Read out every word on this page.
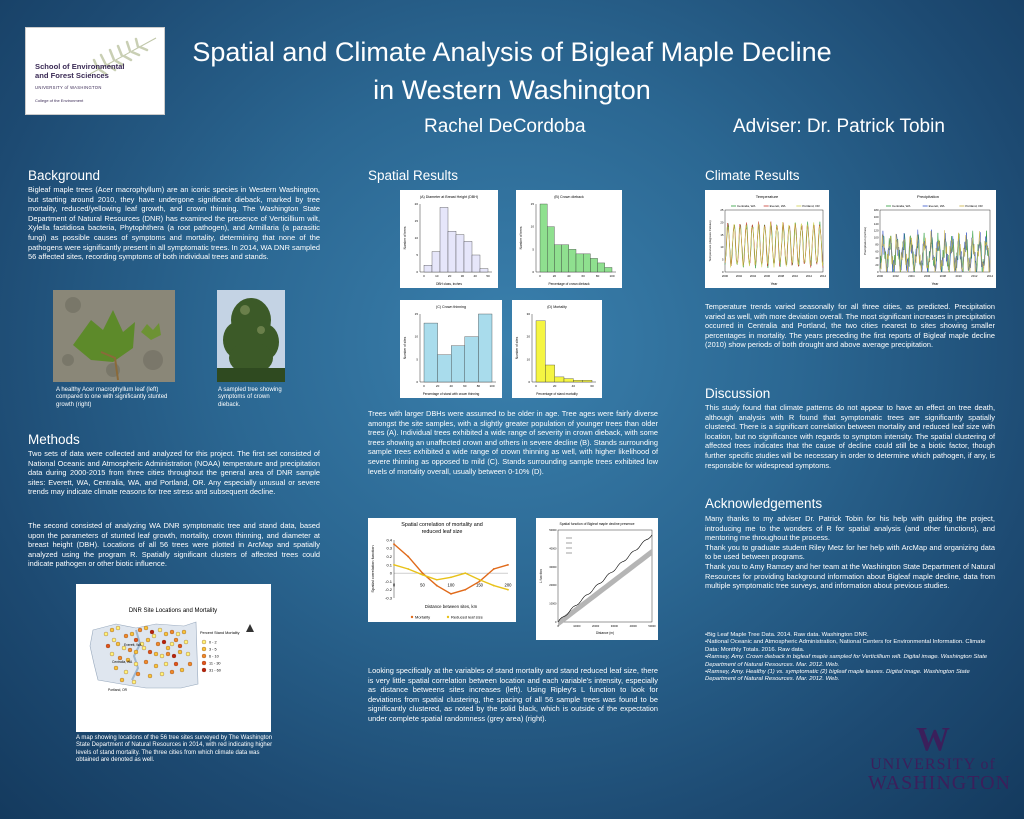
School of Environmental
and Forest Sciences
UNIVERSITY of WASHINGTON
College of the Environment
Spatial and Climate Analysis of Bigleaf Maple Decline in Western Washington
Rachel DeCordoba	Adviser: Dr. Patrick Tobin
Background
Bigleaf maple trees (Acer macrophyllum) are an iconic species in Western Washington, but starting around 2010, they have undergone significant dieback, marked by tree mortality, reduced/yellowing leaf growth, and crown thinning. The Washington State Department of Natural Resources (DNR) has examined the presence of Verticillium wilt, Xylella fastidiosa bacteria, Phytophthera (a root pathogen), and Armillaria (a parasitic fungi) as possible causes of symptoms and mortality, determining that none of the pathogens were significantly present in all symptomatic trees. In 2014, WA DNR sampled 56 affected sites, recording symptoms of both individual trees and stands.
A healthy Acer macrophyllum leaf (left) compared to one with significantly stunted growth (right)
A sampled tree showing symptoms of crown dieback.
Methods
Two sets of data were collected and analyzed for this project. The first set consisted of National Oceanic and Atmospheric Administration (NOAA) temperature and precipitation data during 2000-2015 from three cities throughout the general area of DNR sample sites: Everett, WA, Centralia, WA, and Portland, OR. Any especially unusual or severe trends may indicate climate reasons for tree stress and subsequent decline.
The second consisted of analyzing WA DNR symptomatic tree and stand data, based upon the parameters of stunted leaf growth, mortality, crown thinning, and diameter at breast height (DBH). Locations of all 56 trees were plotted in ArcMap and spatially analyzed using the program R. Spatially significant clusters of affected trees could indicate pathogen or other biotic influence.
DNR Site Locations and Mortality
Everett, WA
Centralia, WA
Portland, OR
Percent Stand Mortality
0 - 2
3 - 5
6 - 10
11 - 30
31 - 60
A map showing locations of the 56 tree sites surveyed by The Washington State Department of Natural Resources in 2014, with red indicating higher levels of stand mortality. The three cities from which climate data was obtained are denoted as well.
Spatial Results
(A) Diameter at Breast Height (DBH)
DBH class, inches
Number of trees
0	10	20	30	40	50
0
5
10
15
20
(B) Crown dieback
Percentage of crown dieback
Number of trees
0	20	40	60	80	100
0
5
10
15
(C) Crown thinning
Percentage of stand with crown thinning
Number of sites
0	20	40	60	80	100
0
5
10
15
(D) Mortality
Percentage of stand mortality
Number of sites
0	20	40	60
0
10
20
30
Trees with larger DBHs were assumed to be older in age. Tree ages were fairly diverse amongst the site samples, with a slightly greater population of younger trees than older trees (A). Individual trees exhibited a wide range of severity in crown dieback, with some trees showing an unaffected crown and others in severe decline (B). Stands surrounding sample trees exhibited a wide range of crown thinning as well, with higher likelihood of severe thinning as opposed to mild (C). Stands surrounding sample trees exhibited low levels of mortality overall, usually between 0-10% (D).
Spatial correlation of mortality and
reduced leaf size
Distance between sites, km
Spatial correlation function	0	50	100	150	200
0.4
0.3
0.2
0.1
0
-0.1
-0.2
-0.3
Mortality	Reduced leaf size
Spatial function of Bigleaf maple decline presence
Distance (m)
L function
0	10000	20000	30000	40000	50000
0
10000
20000
30000
40000
50000
Looking specifically at the variables of stand mortality and stand reduced leaf size, there is very little spatial correlation between location and each variable's intensity, especially as distance betweens sites increases (left). Using Ripley's L function to look for deviations from spatial clustering, the spacing of all 56 sample trees was found to be significantly clustered, as noted by the solid black, which is outside of the expectation under complete spatial randomness (grey area) (right).
Climate Results
Temperature
Year
Temperature (degrees Celsius)
Centralia, WA	Everett, WA	Portland, OR
2000	2002	2004	2006	2008	2010	2012	2014
0
5
10
15
20
25
Precipitation
Year
Precipitation (inches)
Centralia, WA	Everett, WA	Portland, OR
2000	2002	2004	2006	2008	2010	2012	2014
0
20
40
60
80
100
120
140
160
180
Temperature trends varied seasonally for all three cities, as predicted. Precipitation varied as well, with more deviation overall. The most significant increases in precipitation occurred in Centralia and Portland, the two cities nearest to sites showing smaller percentages in mortality. The years preceding the first reports of Bigleaf maple decline (2010) show periods of both drought and above average precipitation.
Discussion
This study found that climate patterns do not appear to have an effect on tree death, although analysis with R found that symptomatic trees are significantly spatially clustered. There is a significant correlation between mortality and reduced leaf size with location, but no significance with regards to symptom intensity. The spatial clustering of affected trees indicates that the cause of decline could still be a biotic factor, though further specific studies will be necessary in order to determine which pathogen, if any, is responsible for widespread symptoms.
Acknowledgements
Many thanks to my adviser Dr. Patrick Tobin for his help with guiding the project, introducing me to the wonders of R for spatial analysis (and other functions), and mentoring me throughout the process.
Thank you to graduate student Riley Metz for her help with ArcMap and organizing data to be used between programs.
Thank you to Amy Ramsey and her team at the Washington State Department of Natural Resources for providing background information about Bigleaf maple decline, data from multiple symptomatic tree surveys, and information about previous studies.
•Big Leaf Maple Tree Data. 2014. Raw data. Washington DNR.
•National Oceanic and Atmospheric Administration, National Centers for Environmental Information. Climate Data: Monthly Totals. 2016. Raw data.
•Ramsey, Amy. Crown dieback in bigleaf maple sampled for Verticillium wilt. Digital image. Washington State Department of Natural Resources. Mar. 2012. Web.
•Ramsey, Amy. Healthy (1) vs. symptomatic (2) bigleaf maple leaves. Digital image. Washington State Department of Natural Resources. Mar. 2012. Web.
W
UNIVERSITY of
WASHINGTON
